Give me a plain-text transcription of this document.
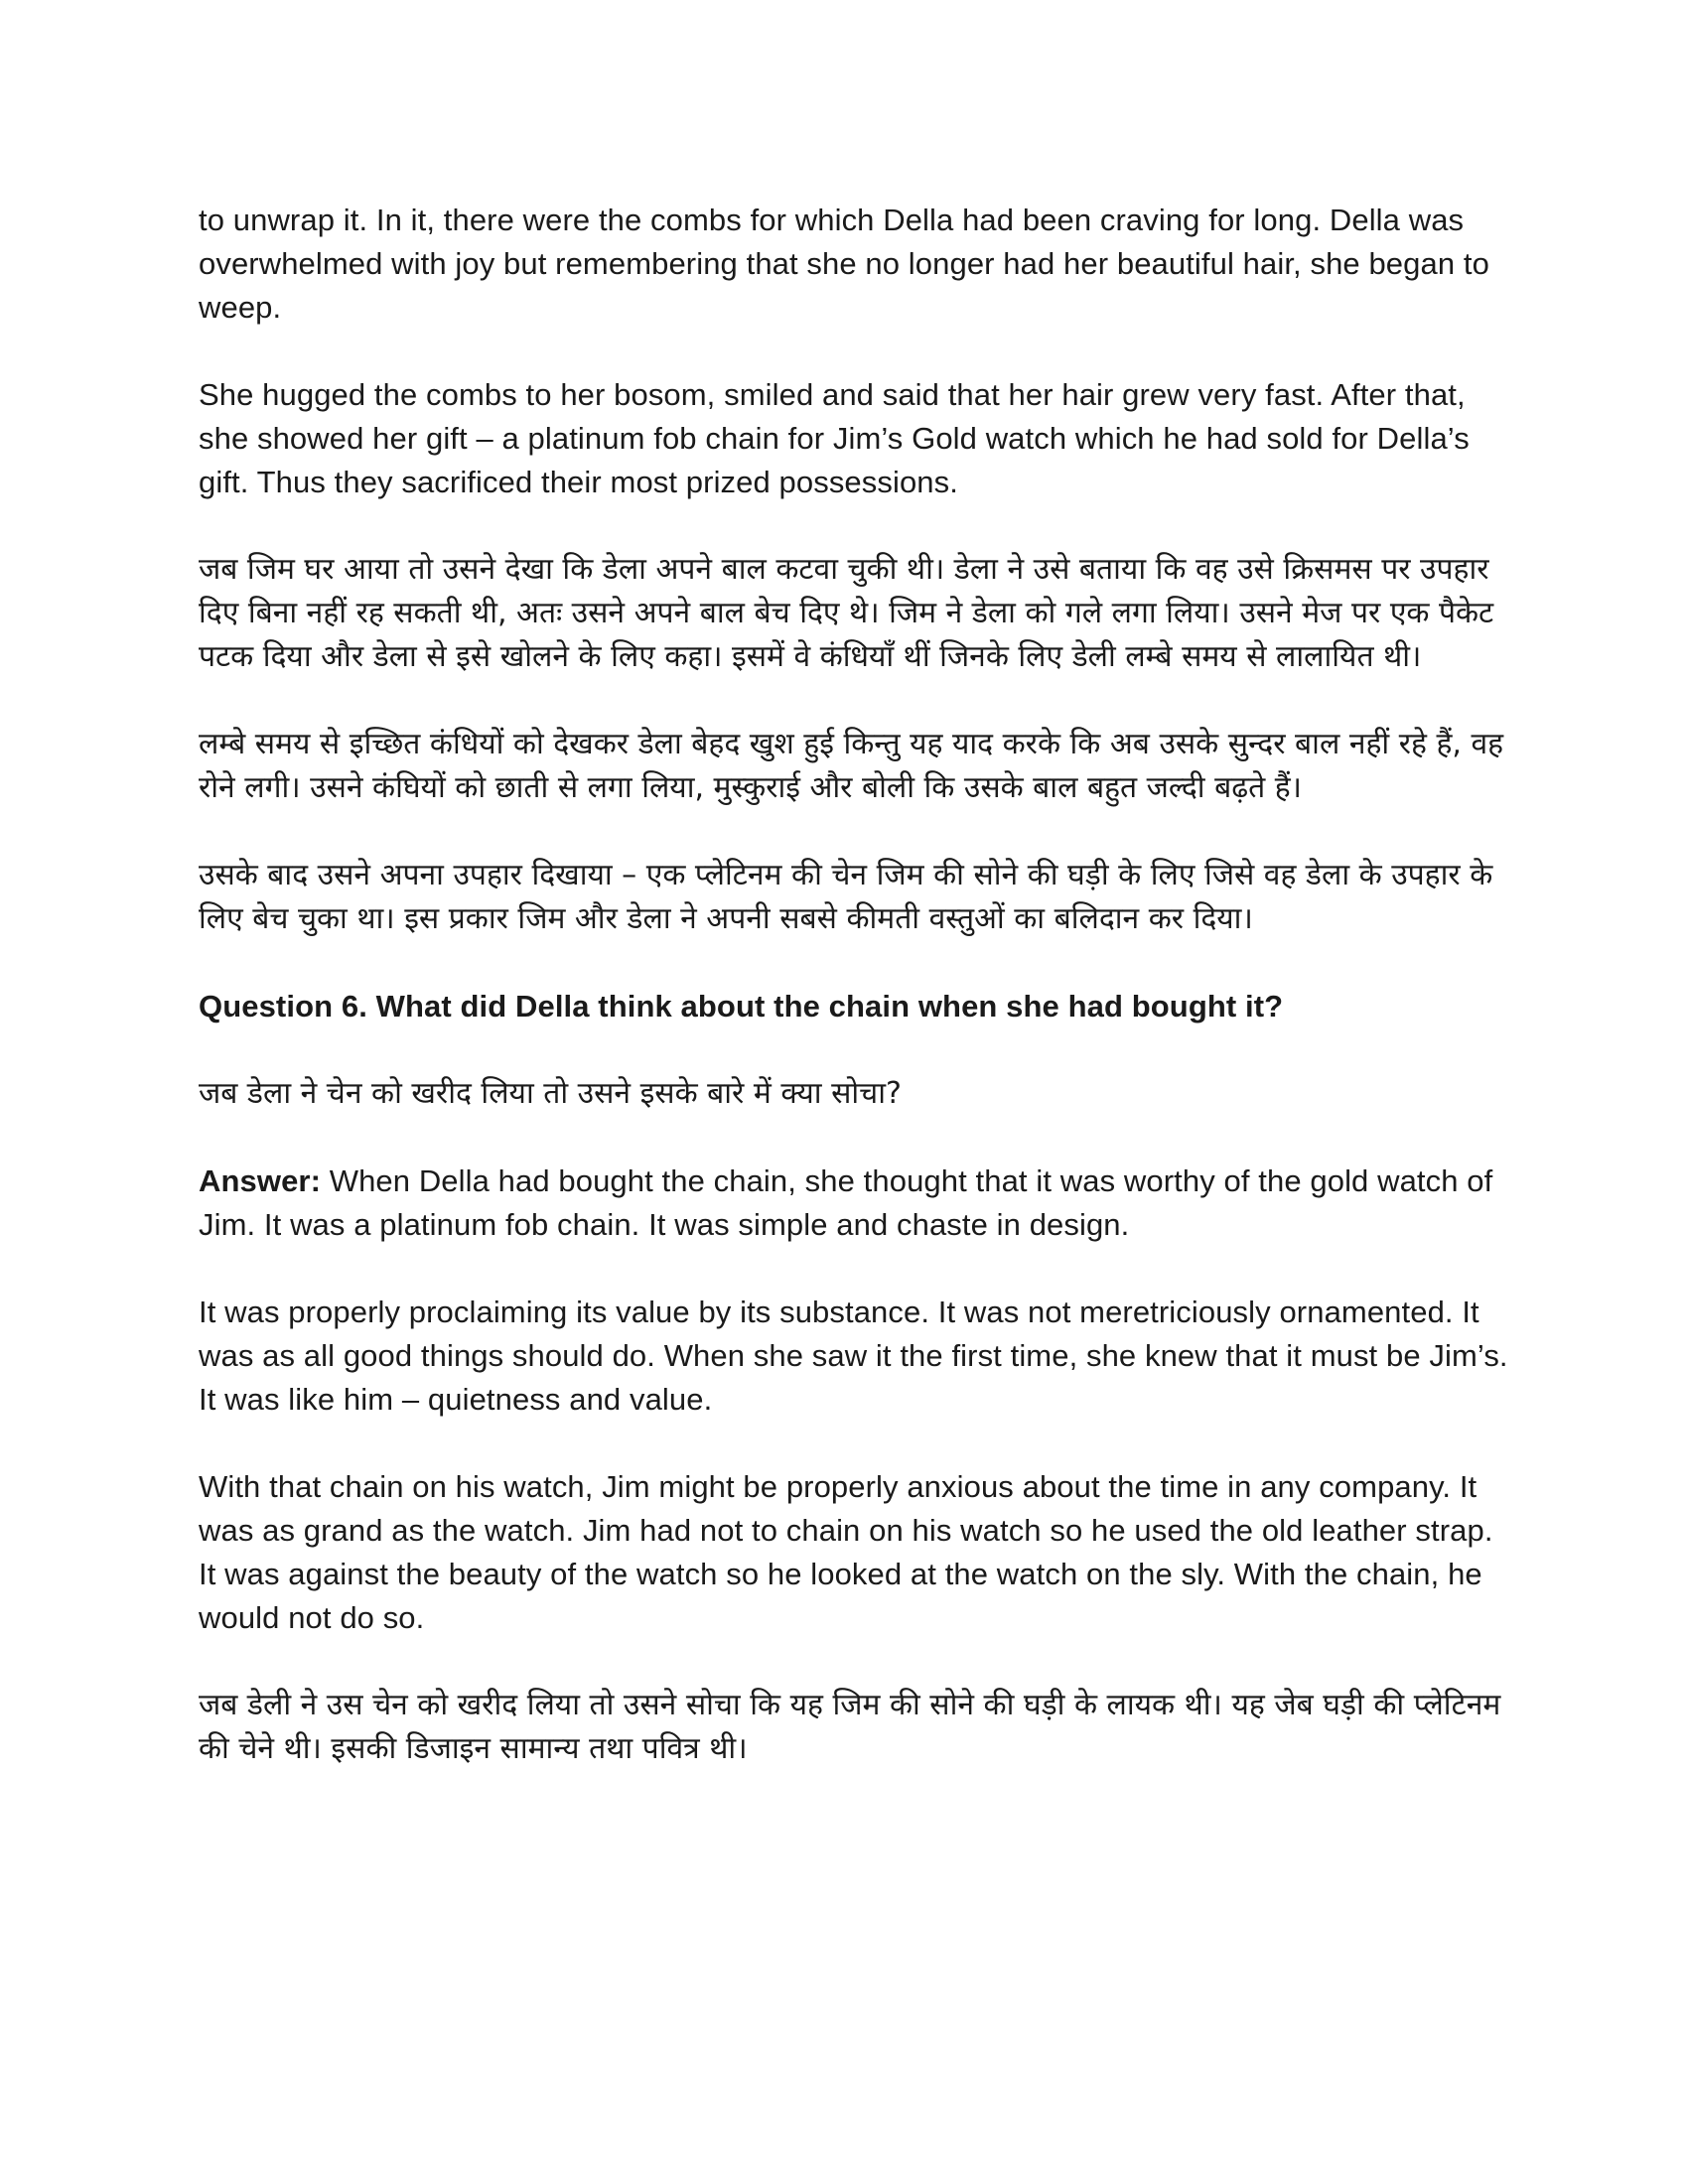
to unwrap it. In it, there were the combs for which Della had been craving for long. Della was overwhelmed with joy but remembering that she no longer had her beautiful hair, she began to weep.

She hugged the combs to her bosom, smiled and said that her hair grew very fast. After that, she showed her gift – a platinum fob chain for Jim’s Gold watch which he had sold for Della’s gift. Thus they sacrificed their most prized possessions.

जब जिम घर आया तो उसने देखा कि डेला अपने बाल कटवा चुकी थी। डेला ने उसे बताया कि वह उसे क्रिसमस पर उपहार दिए बिना नहीं रह सकती थी, अतः उसने अपने बाल बेच दिए थे। जिम ने डेला को गले लगा लिया। उसने मेज पर एक पैकेट पटक दिया और डेला से इसे खोलने के लिए कहा। इसमें वे कंधियाँ थीं जिनके लिए डेली लम्बे समय से लालायित थी।

लम्बे समय से इच्छित कंधियों को देखकर डेला बेहद खुश हुई किन्तु यह याद करके कि अब उसके सुन्दर बाल नहीं रहे हैं, वह रोने लगी। उसने कंघियों को छाती से लगा लिया, मुस्कुराई और बोली कि उसके बाल बहुत जल्दी बढ़ते हैं।

उसके बाद उसने अपना उपहार दिखाया – एक प्लेटिनम की चेन जिम की सोने की घड़ी के लिए जिसे वह डेला के उपहार के लिए बेच चुका था। इस प्रकार जिम और डेला ने अपनी सबसे कीमती वस्तुओं का बलिदान कर दिया।

Question 6. What did Della think about the chain when she had bought it?

जब डेला ने चेन को खरीद लिया तो उसने इसके बारे में क्या सोचा?

Answer: When Della had bought the chain, she thought that it was worthy of the gold watch of Jim. It was a platinum fob chain. It was simple and chaste in design.

It was properly proclaiming its value by its substance. It was not meretriciously ornamented. It was as all good things should do. When she saw it the first time, she knew that it must be Jim’s. It was like him – quietness and value.

With that chain on his watch, Jim might be properly anxious about the time in any company. It was as grand as the watch. Jim had not to chain on his watch so he used the old leather strap. It was against the beauty of the watch so he looked at the watch on the sly. With the chain, he would not do so.

जब डेली ने उस चेन को खरीद लिया तो उसने सोचा कि यह जिम की सोने की घड़ी के लायक थी। यह जेब घड़ी की प्लेटिनम की चेने थी। इसकी डिजाइन सामान्य तथा पवित्र थी।
